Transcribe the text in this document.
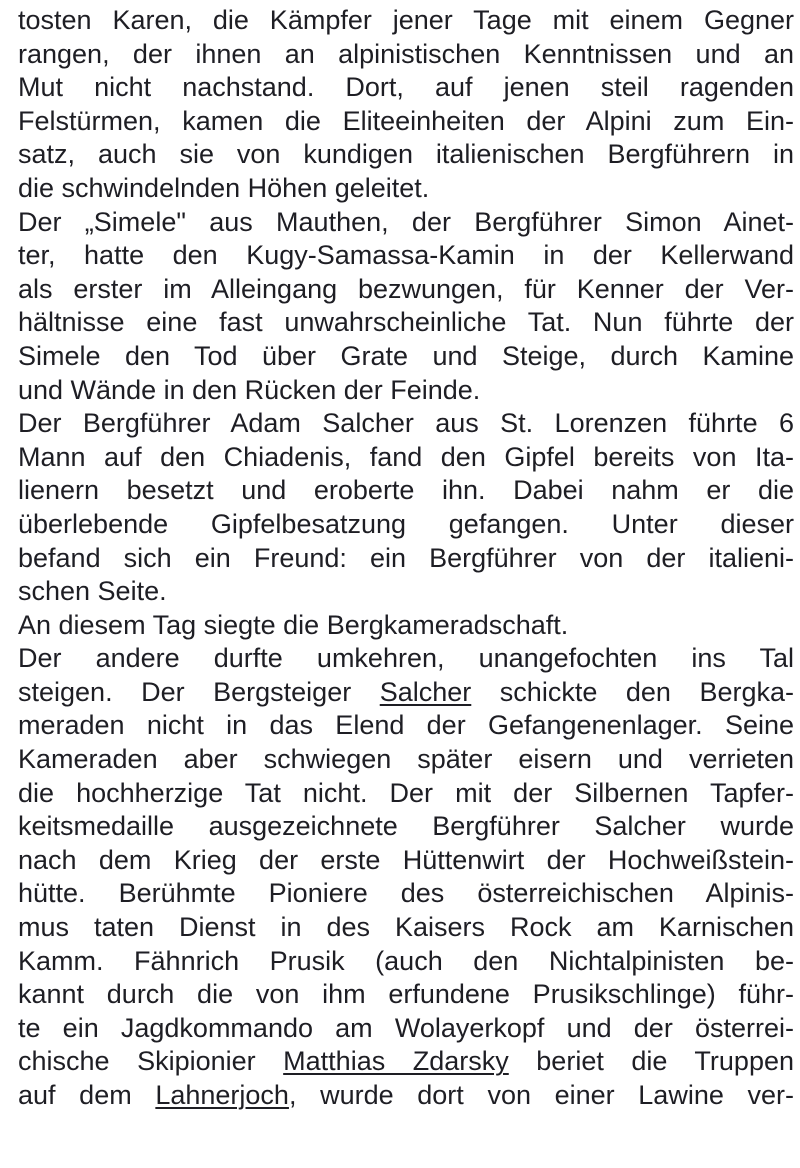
tosten Karen, die Kämpfer jener Tage mit einem Gegner
rangen, der ihnen an alpinistischen Kenntnissen und an
Mut nicht nachstand. Dort, auf jenen steil ragenden
Felstürmen, kamen die Eliteeinheiten der Alpini zum Ein-
satz, auch sie von kundigen italienischen Bergführern in
die schwindelnden Höhen geleitet.
Der „Simele" aus Mauthen, der Bergführer Simon Ainet-
ter, hatte den Kugy-Samassa-Kamin in der Kellerwand
als erster im Alleingang bezwungen, für Kenner der Ver-
hältnisse eine fast unwahrscheinliche Tat. Nun führte der
Simele den Tod über Grate und Steige, durch Kamine
und Wände in den Rücken der Feinde.
Der Bergführer Adam Salcher aus St. Lorenzen führte 6
Mann auf den Chiadenis, fand den Gipfel bereits von Ita-
lienern besetzt und eroberte ihn. Dabei nahm er die
überlebende Gipfelbesatzung gefangen. Unter dieser
befand sich ein Freund: ein Bergführer von der italieni-
schen Seite.
An diesem Tag siegte die Bergkameradschaft.
Der andere durfte umkehren, unangefochten ins Tal
steigen. Der Bergsteiger Salcher schickte den Bergka-
meraden nicht in das Elend der Gefangenenlager. Seine
Kameraden aber schwiegen später eisern und verrieten
die hochherzige Tat nicht. Der mit der Silbernen Tapfer-
keitsmedaille ausgezeichnete Bergführer Salcher wurde
nach dem Krieg der erste Hüttenwirt der Hochweißstein-
hütte. Berühmte Pioniere des österreichischen Alpinis-
mus taten Dienst in des Kaisers Rock am Karnischen
Kamm. Fähnrich Prusik (auch den Nichtalpinisten be-
kannt durch die von ihm erfundene Prusikschlinge) führ-
te ein Jagdkommando am Wolayerkopf und der österrei-
chische Skipionier Matthias Zdarsky beriet die Truppen
auf dem Lahnerjoch, wurde dort von einer Lawine ver-
